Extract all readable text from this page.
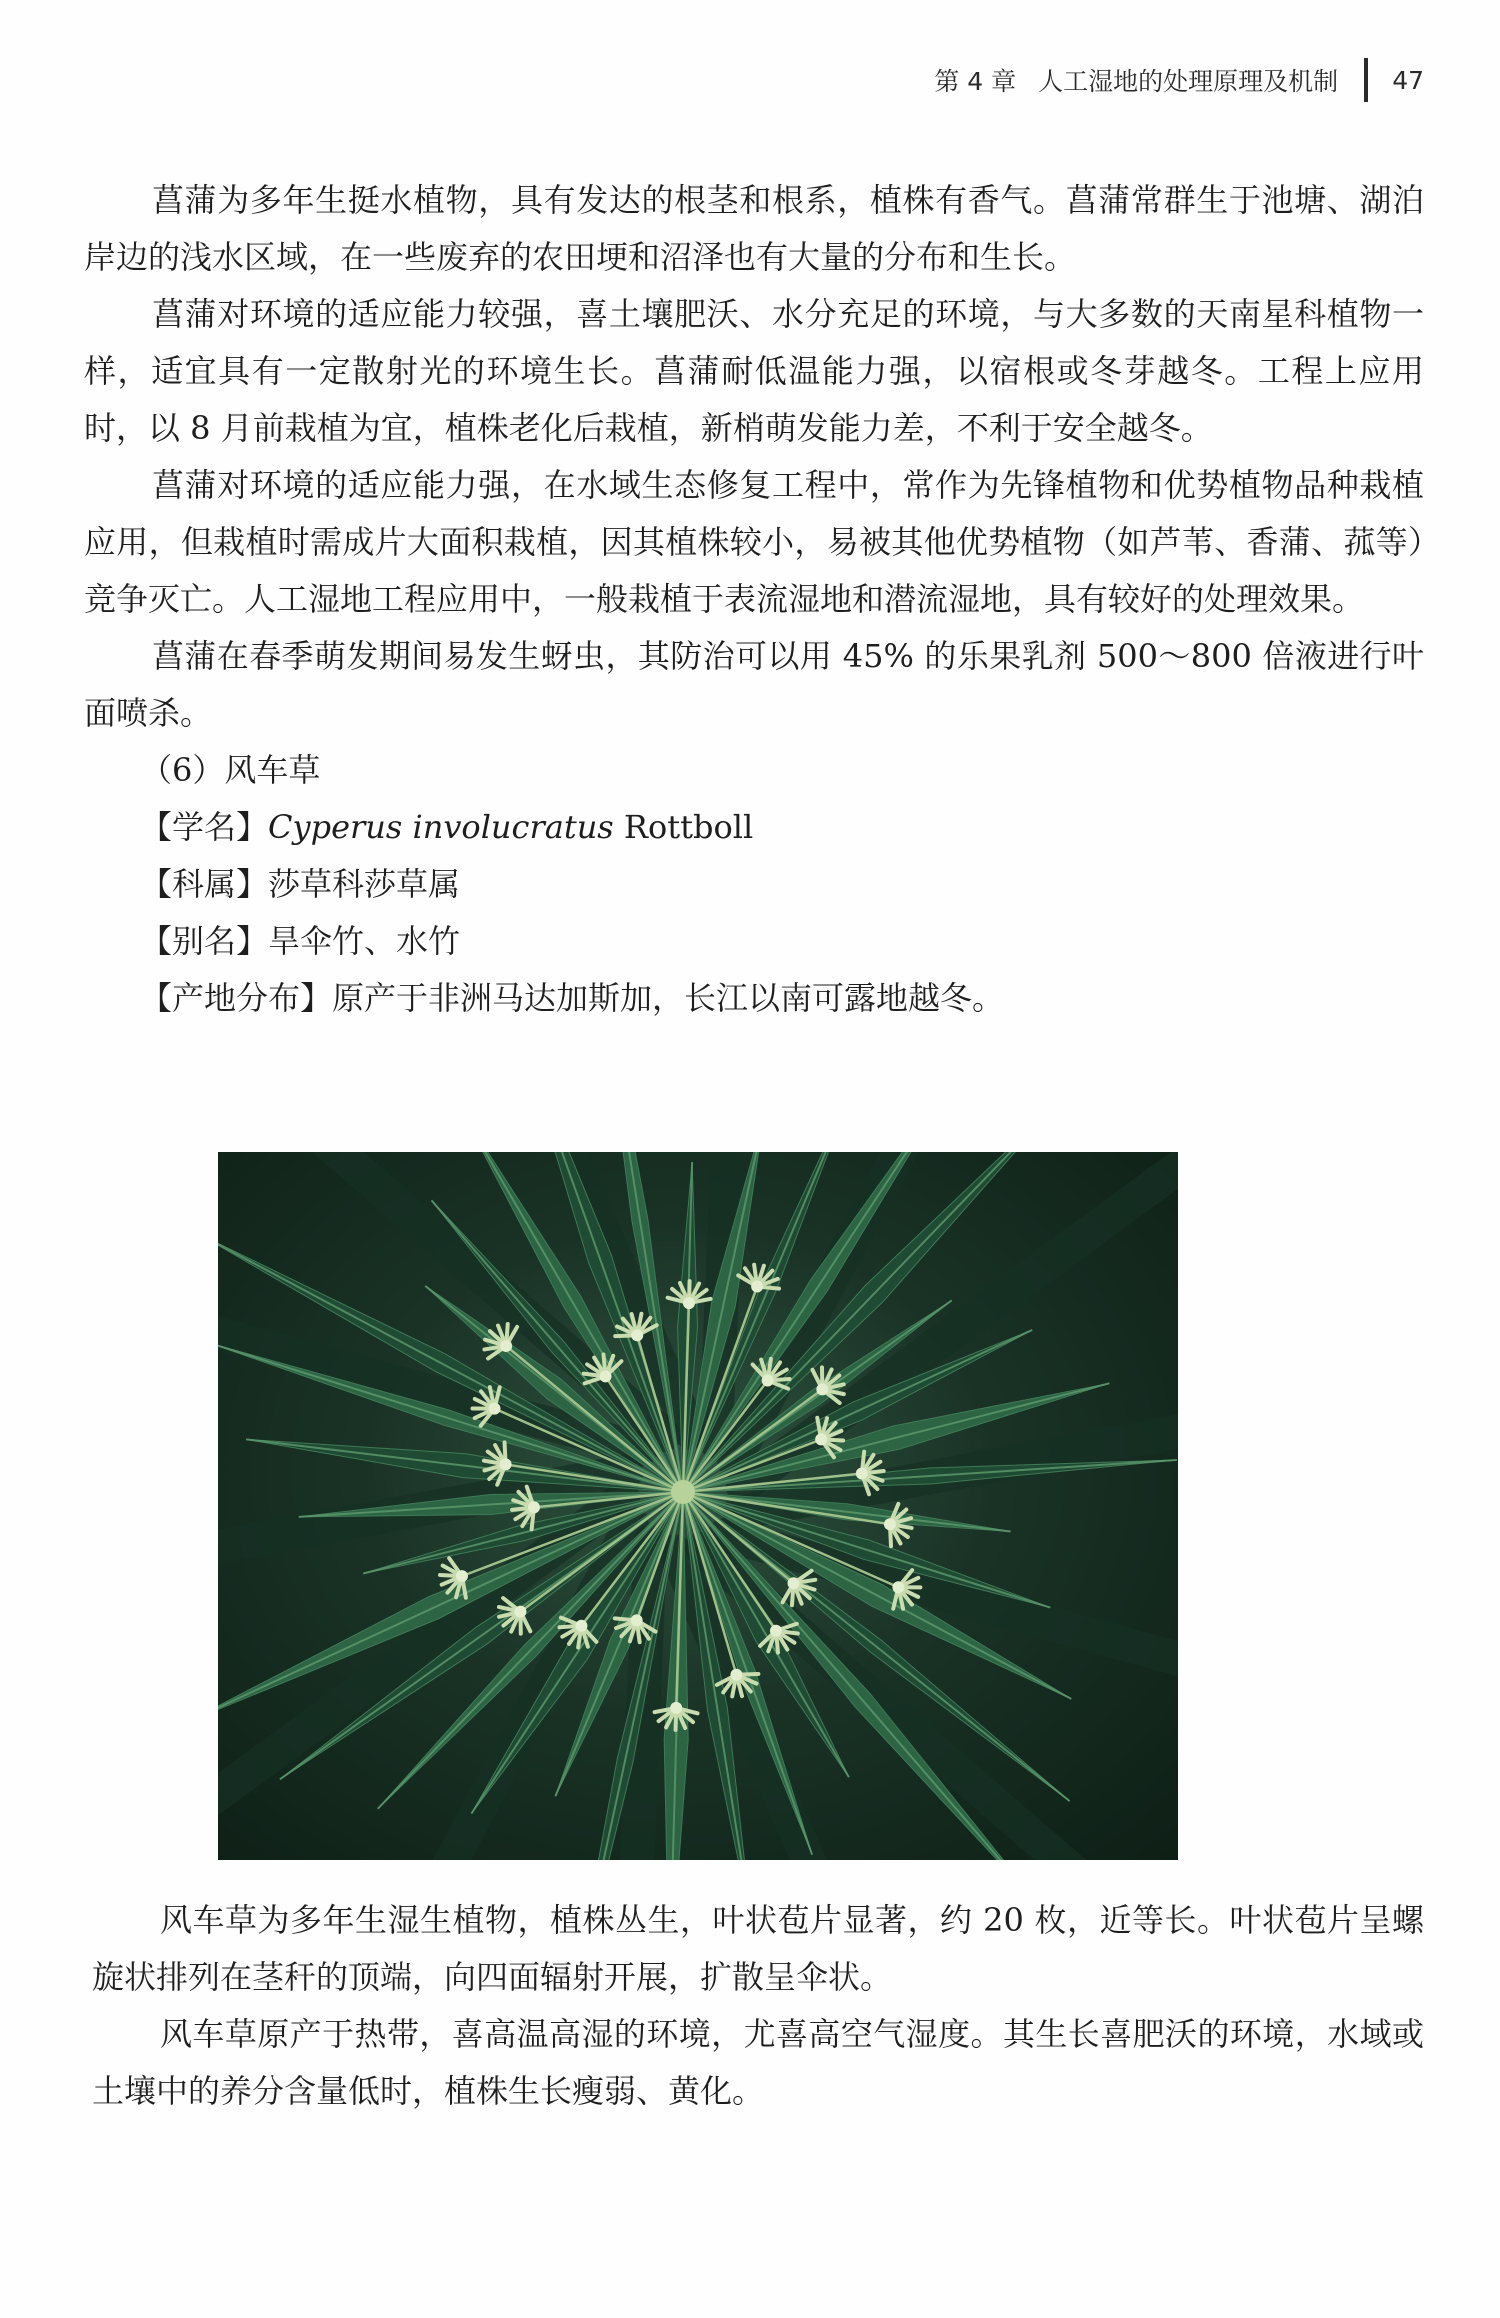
第 4 章 人工湿地的处理原理及机制 47

菖蒲为多年生挺水植物，具有发达的根茎和根系，植株有香气。菖蒲常群生于池塘、湖泊岸边的浅水区域，在一些废弃的农田埂和沼泽也有大量的分布和生长。

菖蒲对环境的适应能力较强，喜土壤肥沃、水分充足的环境，与大多数的天南星科植物一样，适宜具有一定散射光的环境生长。菖蒲耐低温能力强，以宿根或冬芽越冬。工程上应用时，以 8 月前栽植为宜，植株老化后栽植，新梢萌发能力差，不利于安全越冬。

菖蒲对环境的适应能力强，在水域生态修复工程中，常作为先锋植物和优势植物品种栽植应用，但栽植时需成片大面积栽植，因其植株较小，易被其他优势植物（如芦苇、香蒲、菰等）竞争灭亡。人工湿地工程应用中，一般栽植于表流湿地和潜流湿地，具有较好的处理效果。

菖蒲在春季萌发期间易发生蚜虫，其防治可以用 45% 的乐果乳剂 500～800 倍液进行叶面喷杀。

（6）风车草

【学名】Cyperus involucratus Rottboll

【科属】莎草科莎草属

【别名】旱伞竹、水竹

【产地分布】原产于非洲马达加斯加，长江以南可露地越冬。

风车草为多年生湿生植物，植株丛生，叶状苞片显著，约 20 枚，近等长。叶状苞片呈螺旋状排列在茎秆的顶端，向四面辐射开展，扩散呈伞状。

风车草原产于热带，喜高温高湿的环境，尤喜高空气湿度。其生长喜肥沃的环境，水域或土壤中的养分含量低时，植株生长瘦弱、黄化。
